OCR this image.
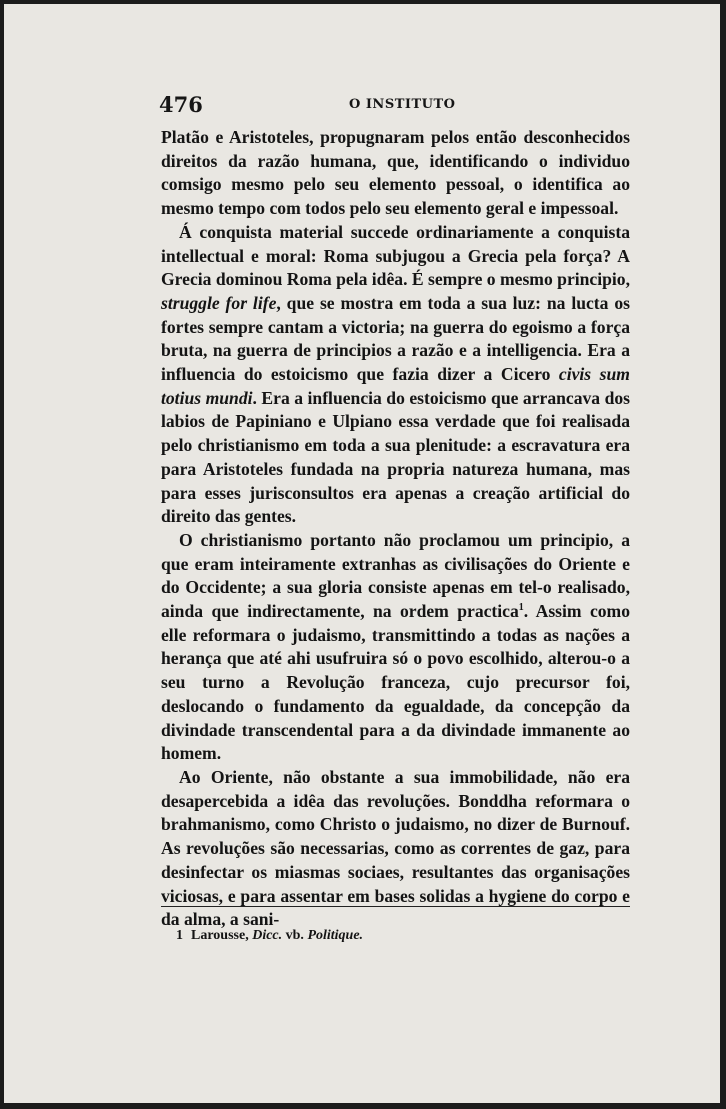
476	O INSTITUTO

Platão e Aristoteles, propugnaram pelos então desconhecidos direitos da razão humana, que, identificando o individuo comsigo mesmo pelo seu elemento pessoal, o identifica ao mesmo tempo com todos pelo seu elemento geral e impessoal.

Á conquista material succede ordinariamente a conquista intellectual e moral: Roma subjugou a Grecia pela força? A Grecia dominou Roma pela idêa. É sempre o mesmo principio, struggle for life, que se mostra em toda a sua luz: na lucta os fortes sempre cantam a victoria; na guerra do egoismo a força bruta, na guerra de principios a razão e a intelligencia. Era a influencia do estoicismo que fazia dizer a Cicero civis sum totius mundi. Era a influencia do estoicismo que arrancava dos labios de Papiniano e Ulpiano essa verdade que foi realisada pelo christianismo em toda a sua plenitude: a escravatura era para Aristoteles fundada na propria natureza humana, mas para esses jurisconsultos era apenas a creação artificial do direito das gentes.

O christianismo portanto não proclamou um principio, a que eram inteiramente extranhas as civilisações do Oriente e do Occidente; a sua gloria consiste apenas em tel-o realisado, ainda que indirectamente, na ordem practica$^1$. Assim como elle reformara o judaismo, transmittindo a todas as nações a herança que até ahi usufruira só o povo escolhido, alterou-o a seu turno a Revolução franceza, cujo precursor foi, deslocando o fundamento da egualdade, da concepção da divindade transcendental para a da divindade immanente ao homem.

Ao Oriente, não obstante a sua immobilidade, não era desapercebida a idêa das revoluções. Bonddha reformara o brahmanismo, como Christo o judaismo, no dizer de Burnouf. As revoluções são necessarias, como as correntes de gaz, para desinfectar os miasmas sociaes, resultantes das organisações viciosas, e para assentar em bases solidas a hygiene do corpo e da alma, a sani-

1 Larousse, Dicc. vb. Politique.
